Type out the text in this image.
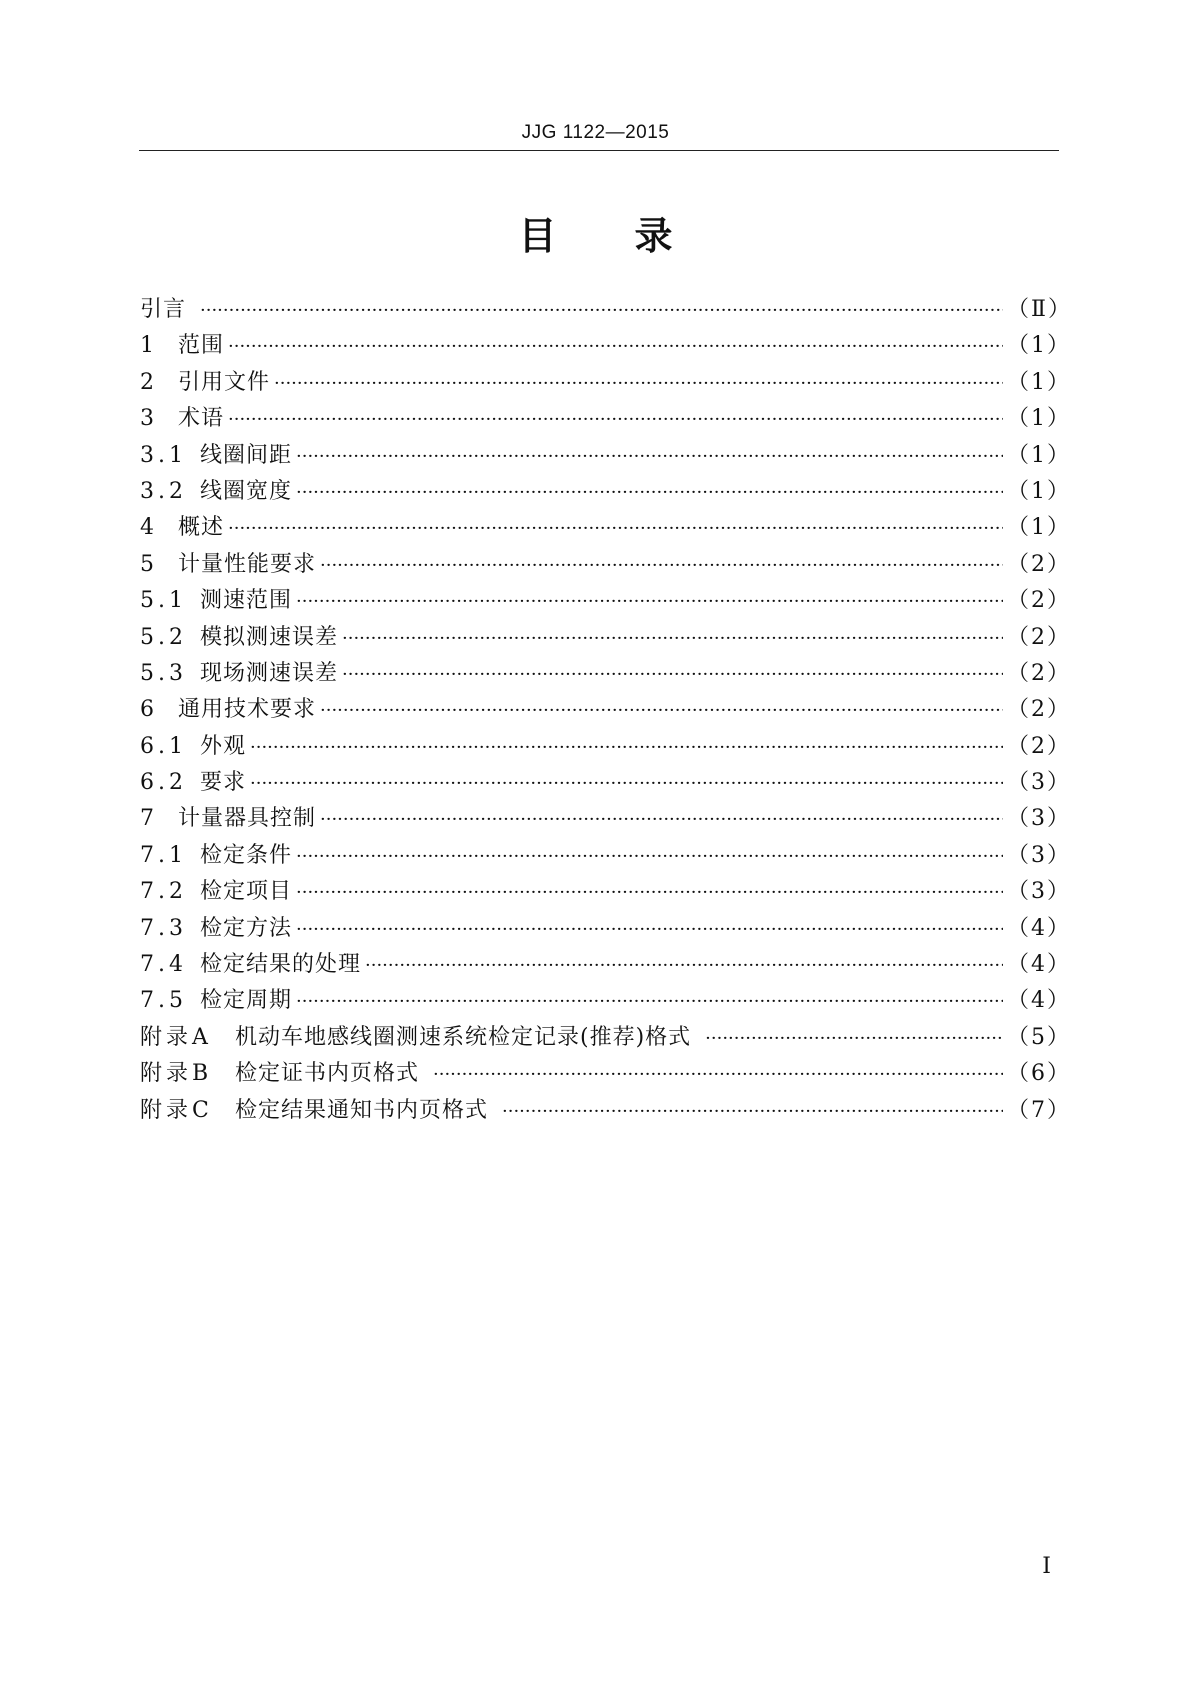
JJG 1122—2015
目录
引言 ·····	（Ⅱ）
1 范围 ·····	（1）
2 引用文件 ·····	（1）
3 术语 ·····	（1）
3.1 线圈间距 ·····	（1）
3.2 线圈宽度 ·····	（1）
4 概述 ·····	（1）
5 计量性能要求 ·····	（2）
5.1 测速范围 ·····	（2）
5.2 模拟测速误差 ·····	（2）
5.3 现场测速误差 ·····	（2）
6 通用技术要求 ·····	（2）
6.1 外观 ·····	（2）
6.2 要求 ·····	（3）
7 计量器具控制 ·····	（3）
7.1 检定条件 ·····	（3）
7.2 检定项目 ·····	（3）
7.3 检定方法 ·····	（4）
7.4 检定结果的处理 ·····	（4）
7.5 检定周期 ·····	（4）
附录A	机动车地感线圈测速系统检定记录(推荐)格式 ·····	（5）
附录B	检定证书内页格式 ·····	（6）
附录C	检定结果通知书内页格式 ·····	（7）
Ⅰ
